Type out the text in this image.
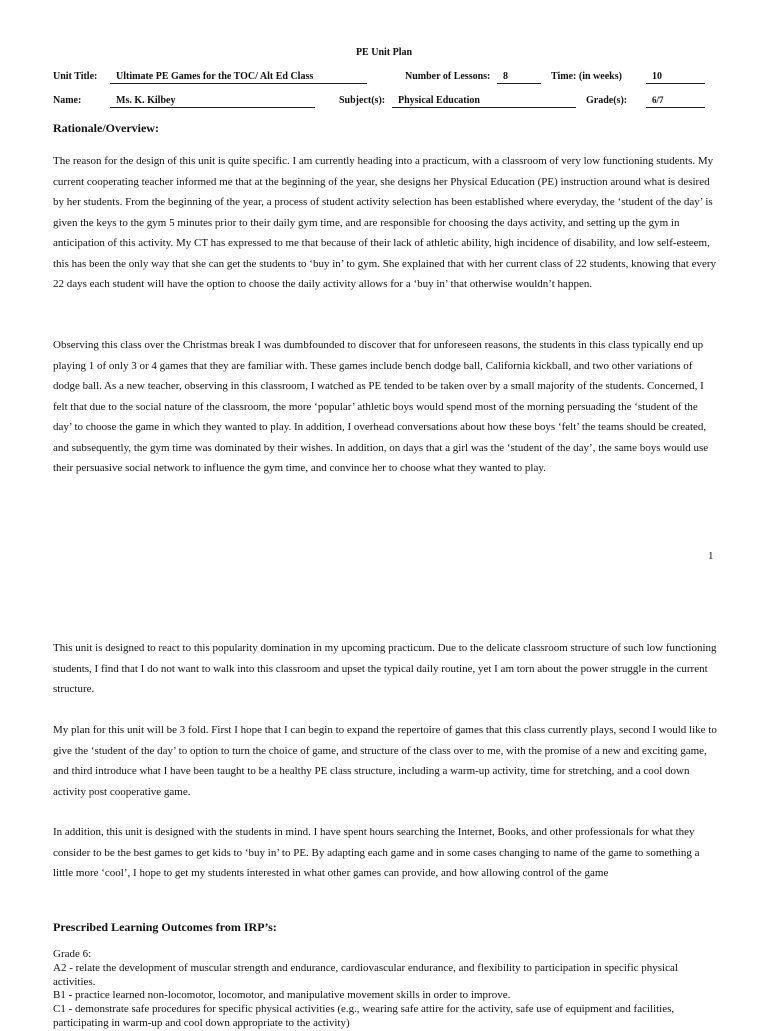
PE Unit Plan
Unit Title:	Ultimate PE Games for the TOC/ Alt Ed Class	Number of Lessons:	8	Time: (in weeks)	10
Name:	Ms. K. Kilbey	Subject(s):	Physical Education	Grade(s):	6/7
Rationale/Overview:

The reason for the design of this unit is quite specific. I am currently heading into a practicum, with a classroom of very low functioning students. My current cooperating teacher informed me that at the beginning of the year, she designs her Physical Education (PE) instruction around what is desired by her students. From the beginning of the year, a process of student activity selection has been established where everyday, the ‘student of the day’ is given the keys to the gym 5 minutes prior to their daily gym time, and are responsible for choosing the days activity, and setting up the gym in anticipation of this activity. My CT has expressed to me that because of their lack of athletic ability, high incidence of disability, and low self-esteem, this has been the only way that she can get the students to ‘buy in’ to gym. She explained that with her current class of 22 students, knowing that every 22 days each student will have the option to choose the daily activity allows for a ‘buy in’ that otherwise wouldn’t happen.

Observing this class over the Christmas break I was dumbfounded to discover that for unforeseen reasons, the students in this class typically end up playing 1 of only 3 or 4 games that they are familiar with. These games include bench dodge ball, California kickball, and two other variations of dodge ball. As a new teacher, observing in this classroom, I watched as PE tended to be taken over by a small majority of the students. Concerned, I felt that due to the social nature of the classroom, the more ‘popular’ athletic boys would spend most of the morning persuading the ‘student of the day’ to choose the game in which they wanted to play. In addition, I overhead conversations about how these boys ‘felt’ the teams should be created, and subsequently, the gym time was dominated by their wishes. In addition, on days that a girl was the ‘student of the day’, the same boys would use their persuasive social network to influence the gym time, and convince her to choose what they wanted to play.

1

This unit is designed to react to this popularity domination in my upcoming practicum. Due to the delicate classroom structure of such low functioning students, I find that I do not want to walk into this classroom and upset the typical daily routine, yet I am torn about the power struggle in the current structure.

My plan for this unit will be 3 fold. First I hope that I can begin to expand the repertoire of games that this class currently plays, second I would like to give the ‘student of the day’ to option to turn the choice of game, and structure of the class over to me, with the promise of a new and exciting game, and third introduce what I have been taught to be a healthy PE class structure, including a warm-up activity, time for stretching, and a cool down activity post cooperative game.

In addition, this unit is designed with the students in mind. I have spent hours searching the Internet, Books, and other professionals for what they consider to be the best games to get kids to ‘buy in’ to PE. By adapting each game and in some cases changing to name of the game to something a little more ‘cool’, I hope to get my students interested in what other games can provide, and how allowing control of the game

Prescribed Learning Outcomes from IRP’s:
Grade 6:
A2 - relate the development of muscular strength and endurance, cardiovascular endurance, and flexibility to participation in specific physical activities.
B1 - practice learned non-locomotor, locomotor, and manipulative movement skills in order to improve.
C1 - demonstrate safe procedures for specific physical activities (e.g., wearing safe attire for the activity, safe use of equipment and facilities, participating in warm-up and cool down appropriate to the activity)
